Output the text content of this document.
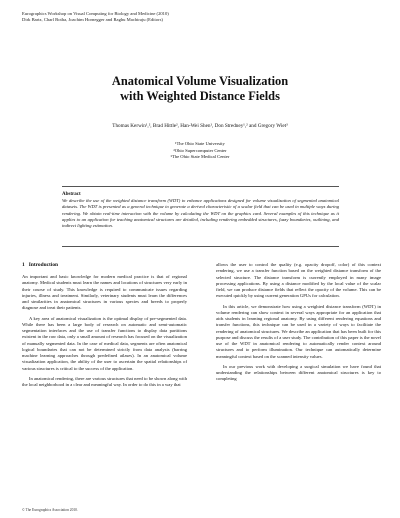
Eurographics Workshop on Visual Computing for Biology and Medicine (2010)
Dirk Bartz, Charl Botha, Joachim Hornegger and Raghu Machiraju (Editors)
Anatomical Volume Visualization
with Weighted Distance Fields
Thomas Kerwin¹,², Brad Hittle², Han-Wei Shen¹, Don Stredney¹,² and Gregory Wiet³
¹The Ohio State University
²Ohio Supercomputer Center
³The Ohio State Medical Center
Abstract
We describe the use of the weighted distance transform (WDT) to enhance applications designed for volume visualization of segmented anatomical datasets. The WDT is presented as a general technique to generate a derived characteristic of a scalar field that can be used in multiple ways during rendering. We obtain real-time interaction with the volume by calculating the WDT on the graphics card. Several examples of this technique as it applies to an application for teaching anatomical structures are detailed, including rendering embedded structures, fuzzy boundaries, outlining, and indirect lighting estimation.
1 Introduction

An important and basic knowledge for modern medical practice is that of regional anatomy. Medical students must learn the names and locations of structures very early in their course of study. This knowledge is required to communicate issues regarding injuries, illness and treatment. Similarly, veterinary students must learn the differences and similarities in anatomical structures in various species and breeds to properly diagnose and treat their patients.

A key area of anatomical visualization is the optimal display of pre-segmented data. While there has been a large body of research on automatic and semi-automatic segmentation interfaces and the use of transfer functions to display data partitions existent in the raw data, only a small amount of research has focused on the visualization of manually segmented data. In the case of medical data, segments are often anatomical logical boundaries that can not be determined strictly from data analysis (barring machine learning approaches through predefined atlases). In an anatomical volume visualization application, the ability of the user to ascertain the spatial relationships of various structures is critical to the success of the application.

In anatomical rendering, there are various structures that need to be shown along with the local neighborhood in a clear and meaningful way. In order to do this in a way that

allows the user to control the quality (e.g. opacity dropoff, color) of this context rendering, we use a transfer function based on the weighted distance transform of the selected structure. The distance transform is currently employed in many image processing applications. By using a distance modified by the local value of the scalar field, we can produce distance fields that reflect the opacity of the volume. This can be executed quickly by using current generation GPUs for calculation.

In this article, we demonstrate how using a weighted distance transform (WDT) in volume rendering can show context in several ways appropriate for an application that aids students in learning regional anatomy. By using different rendering equations and transfer functions, this technique can be used in a variety of ways to facilitate the rendering of anatomical structures. We describe an application that has been built for this purpose and discuss the results of a user study. The contribution of this paper is the novel use of the WDT in anatomical rendering to automatically render context around structures and to perform illumination. Our technique can automatically determine meaningful context based on the scanned intensity values.

In our previous work with developing a surgical simulation we have found that understanding the relationships between different anatomical structures is key to completing

© The Eurographics Association 2010.
